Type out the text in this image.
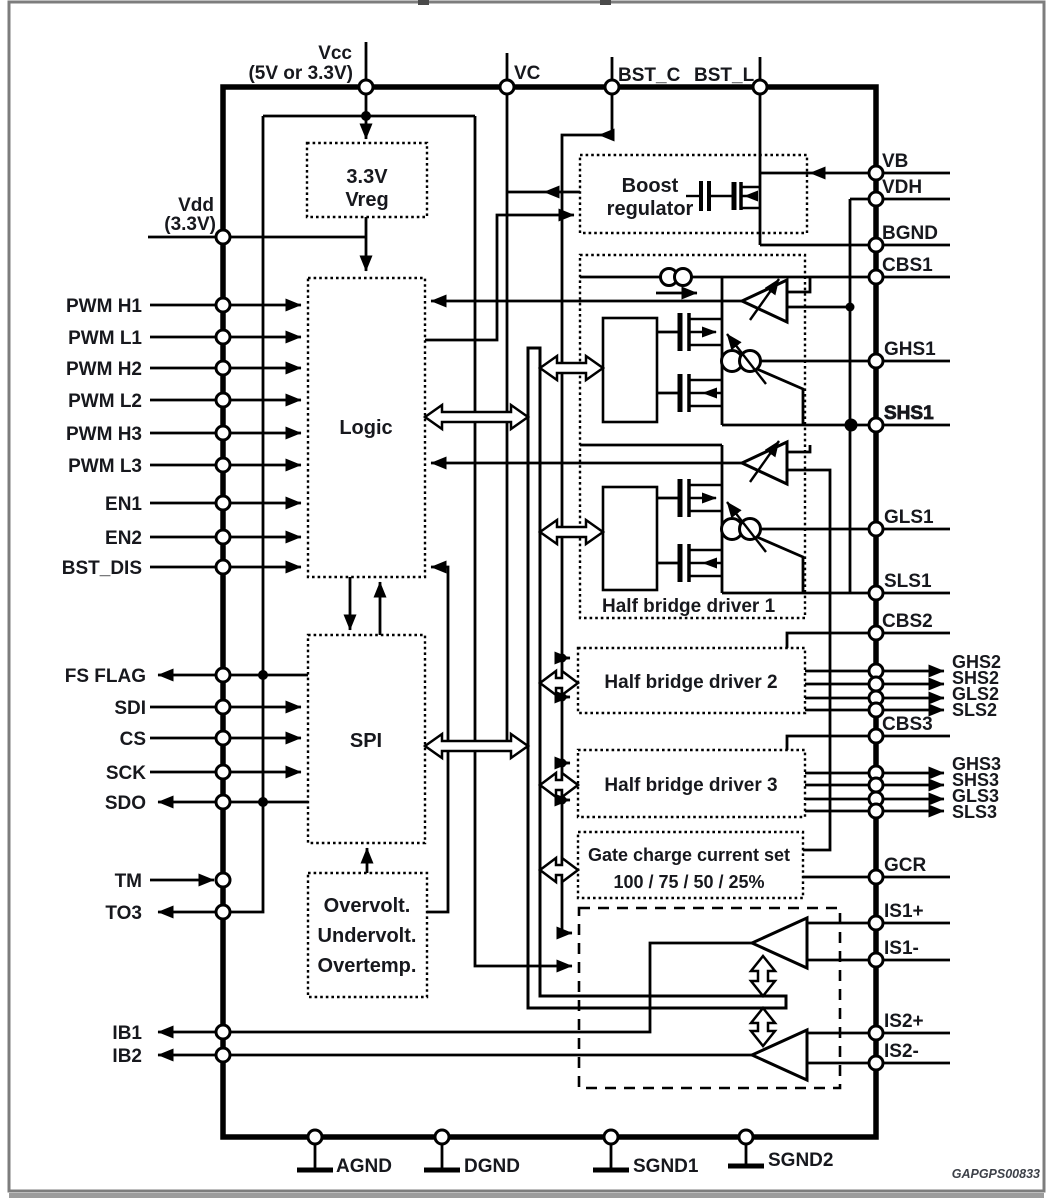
Vcc
(5V or 3.3V)	VC	BST_C BST_L
Vdd
(3.3V)
PWM H1
PWM L1
PWM H2
PWM L2
PWM H3
PWM L3
EN1
EN2
BST_DIS
FS FLAG
SDI
CS
SCK
SDO
TM
TO3
IB1
IB2
VB
VDH
BGND
CBS1
GHS1
SHS1
GLS1
SLS1
CBS2
GHS2
SHS2
GLS2
SLS2
CBS3
GHS3
SHS3
GLS3
SLS3
GCR
IS1+
IS1-
IS2+
IS2-
AGND	DGND	SGND1	SGND2
3.3V
Vreg
Logic
SPI
Overvolt.
Undervolt.
Overtemp.
Boost
regulator
Half bridge driver 1
Half bridge driver 2
Half bridge driver 3
Gate charge current set
100 / 75 / 50 / 25%
GAPGPS00833
